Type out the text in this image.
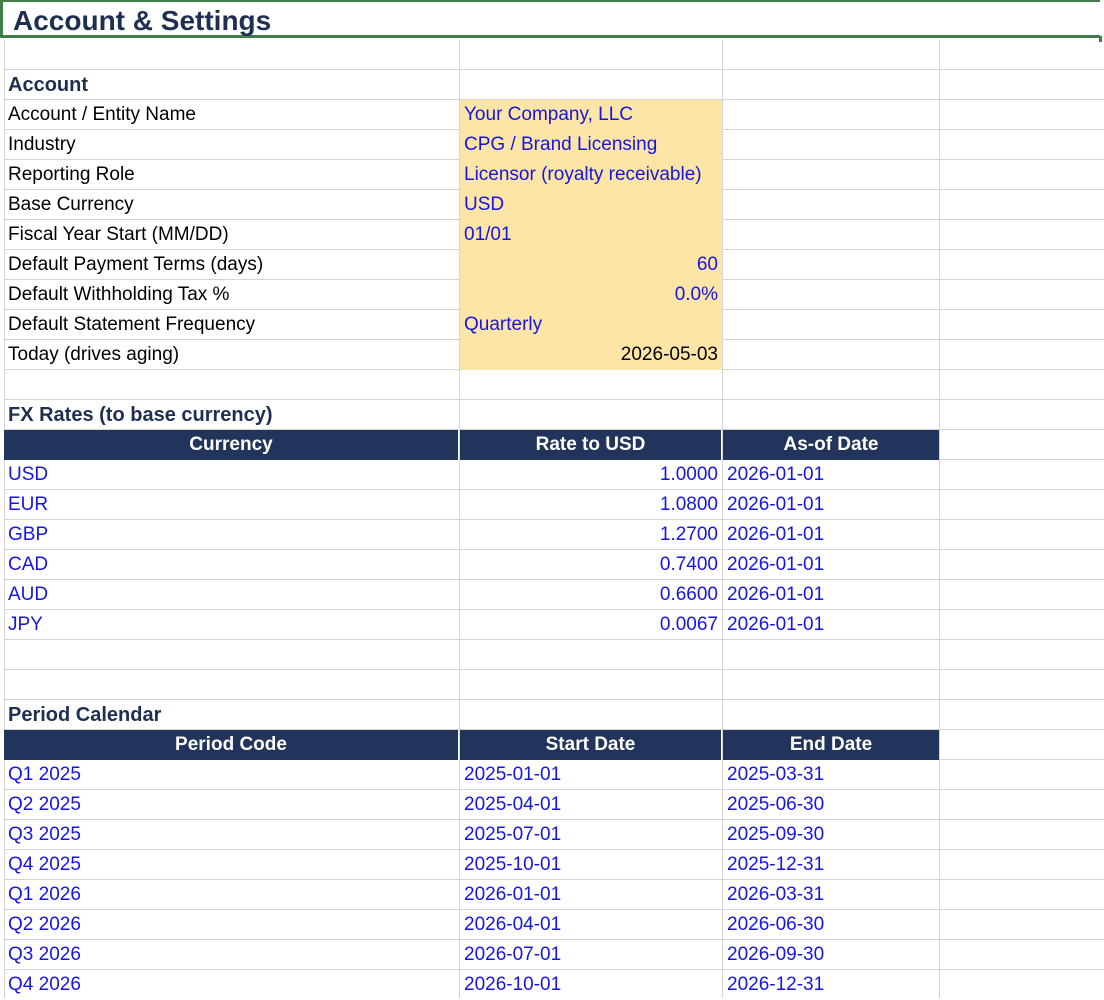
Account & Settings
Account
Account / Entity Name	Your Company, LLC
Industry	CPG / Brand Licensing
Reporting Role	Licensor (royalty receivable)
Base Currency	USD
Fiscal Year Start (MM/DD)	01/01
Default Payment Terms (days)	60
Default Withholding Tax %	0.0%
Default Statement Frequency	Quarterly
Today (drives aging)	2026-05-03
FX Rates (to base currency)
Currency	Rate to USD	As-of Date
USD	1.0000 2026-01-01
EUR	1.0800 2026-01-01
GBP	1.2700 2026-01-01
CAD	0.7400 2026-01-01
AUD	0.6600 2026-01-01
JPY	0.0067 2026-01-01
Period Calendar
Period Code	Start Date	End Date
Q1 2025	2025-01-01	2025-03-31
Q2 2025	2025-04-01	2025-06-30
Q3 2025	2025-07-01	2025-09-30
Q4 2025	2025-10-01	2025-12-31
Q1 2026	2026-01-01	2026-03-31
Q2 2026	2026-04-01	2026-06-30
Q3 2026	2026-07-01	2026-09-30
Q4 2026	2026-10-01	2026-12-31
